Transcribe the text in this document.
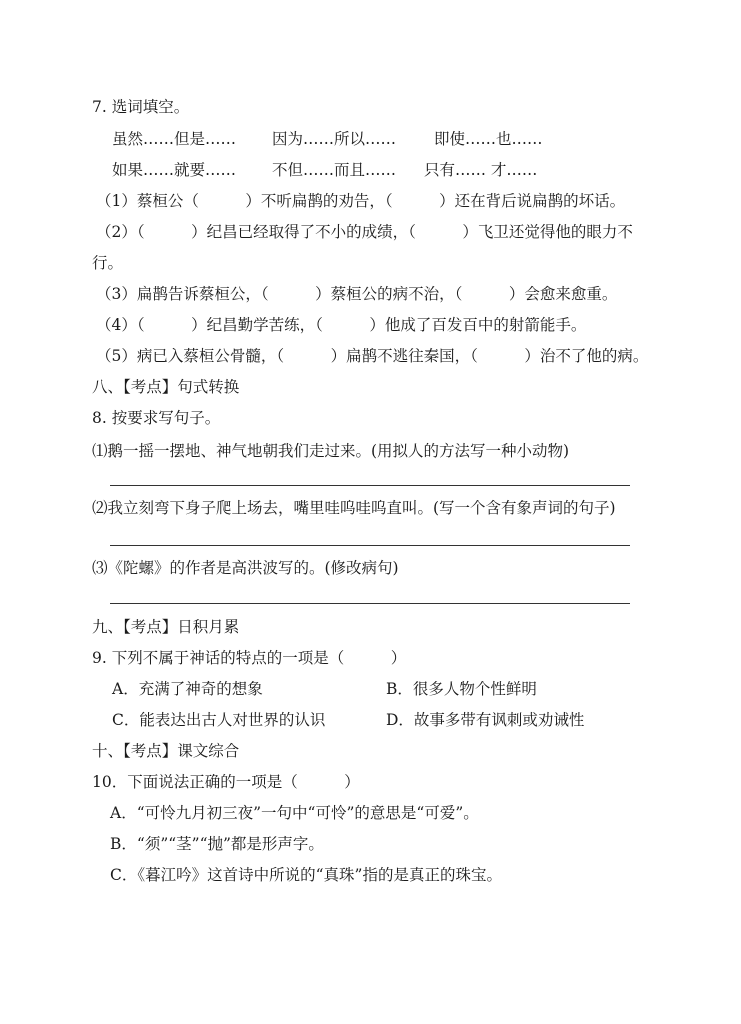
7. 选词填空。
虽然……但是…… 因为……所以…… 即使……也……
如果……就要…… 不但……而且…… 只有…… 才……
（1）蔡桓公（　　　）不听扁鹊的劝告，（　　　）还在背后说扁鹊的坏话。
（2）（　　　）纪昌已经取得了不小的成绩，（　　　）飞卫还觉得他的眼力不
行。
（3）扁鹊告诉蔡桓公，（　　　）蔡桓公的病不治，（　　　）会愈来愈重。
（4）（　　　）纪昌勤学苦练，（　　　）他成了百发百中的射箭能手。
（5）病已入蔡桓公骨髓，（　　　）扁鹊不逃往秦国，（　　　）治不了他的病。
八、【考点】句式转换
8. 按要求写句子。
⑴鹅一摇一摆地、神气地朝我们走过来。(用拟人的方法写一种小动物)
⑵我立刻弯下身子爬上场去，嘴里哇呜哇呜直叫。(写一个含有象声词的句子)
⑶《陀螺》的作者是高洪波写的。(修改病句)
九、【考点】日积月累
9. 下列不属于神话的特点的一项是（　　　）
A．充满了神奇的想象	B．很多人物个性鲜明
C．能表达出古人对世界的认识	D．故事多带有讽刺或劝诫性
十、【考点】课文综合
10．下面说法正确的一项是（　　　）
A．“可怜九月初三夜”一句中“可怜”的意思是“可爱”。
B．“须”“茎”“抛”都是形声字。
C．《暮江吟》这首诗中所说的“真珠”指的是真正的珠宝。
